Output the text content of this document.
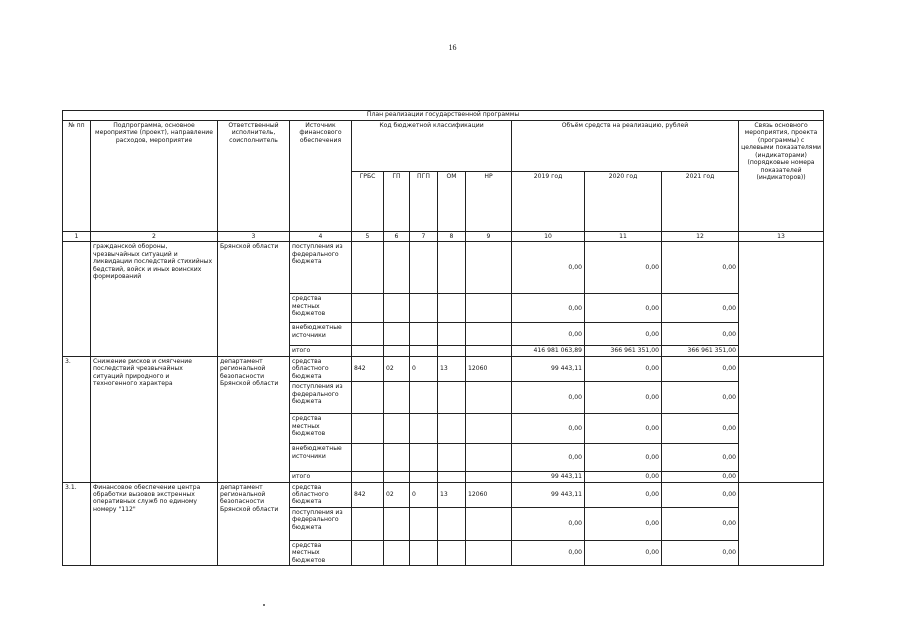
16
План реализации государственной программы												
№ пп	Подпрограмма, основное мероприятие (проект), направление расходов, мероприятие	Ответственный исполнитель, соисполнитель	Источник финансового обеспечения	Код бюджетной классификации					Объём средств на реализацию, рублей			Связь основного мероприятия, проекта (программы) с целевыми показателями (индикаторами) (порядковые номера показателей (индикаторов))
				ГРБС	ГП	ПГП	ОМ	НР	2019 год	2020 год	2021 год	
1	2	3	4	5	6	7	8	9	10	11	12	13
	гражданской обороны, чрезвычайных ситуаций и ликвидации последствий стихийных бедствий, войск и иных воинских формирований	Брянской области	поступления из федерального бюджета						0,00	0,00	0,00	
			средства местных бюджетов						0,00	0,00	0,00	
			внебюджетные источники						0,00	0,00	0,00	
			итого						416 981 063,89	366 961 351,00	366 961 351,00	
3.	Снижение рисков и смягчение последствий чрезвычайных ситуаций природного и техногенного характера	департамент региональной безопасности Брянской области	средства областного бюджета	842	02	0	13	12060	99 443,11	0,00	0,00	
			поступления из федерального бюджета						0,00	0,00	0,00	
			средства местных бюджетов						0,00	0,00	0,00	
			внебюджетные источники						0,00	0,00	0,00	
			итого						99 443,11	0,00	0,00	
3.1.	Финансовое обеспечение центра обработки вызовов экстренных оперативных служб по единому номеру "112"	департамент региональной безопасности Брянской области	средства областного бюджета	842	02	0	13	12060	99 443,11	0,00	0,00	
			поступления из федерального бюджета						0,00	0,00	0,00	
			средства местных бюджетов						0,00	0,00	0,00	
